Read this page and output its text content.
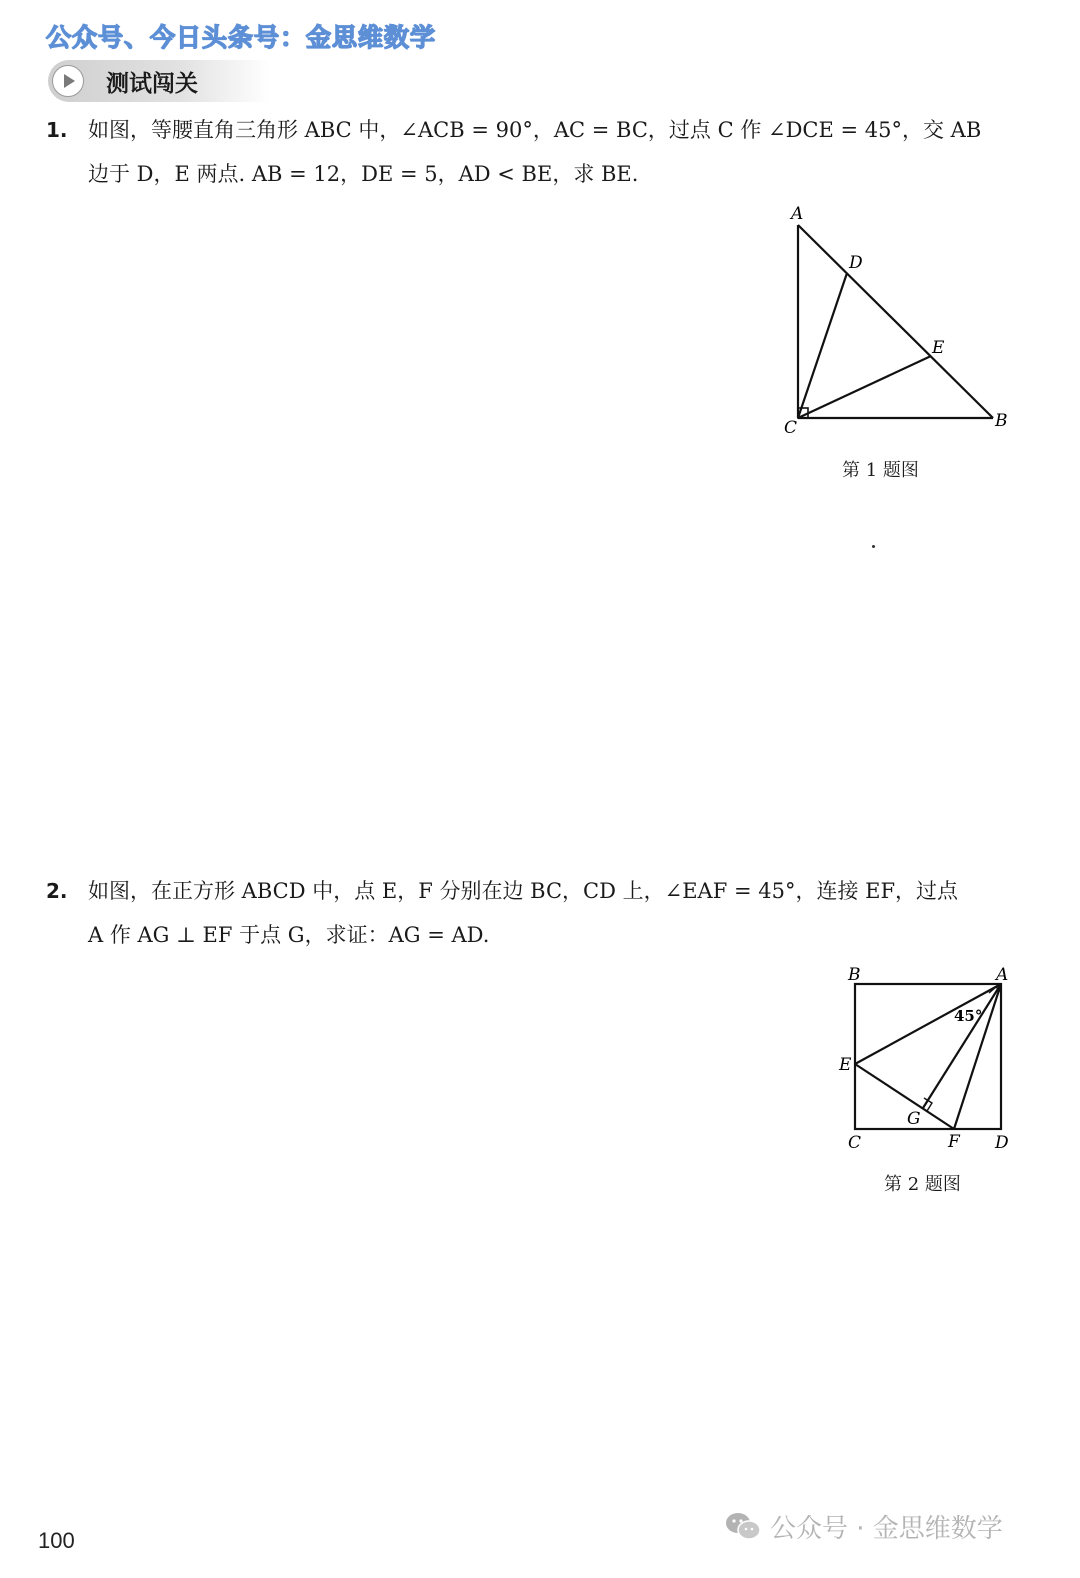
公众号、今日头条号：金思维数学
测试闯关
1. 如图，等腰直角三角形 ABC 中，∠ACB = 90°，AC = BC，过点 C 作 ∠DCE = 45°，交 AB
边于 D，E 两点. AB = 12，DE = 5，AD < BE，求 BE.
A
B
C
D
E
第 1 题图
2. 如图，在正方形 ABCD 中，点 E，F 分别在边 BC，CD 上，∠EAF = 45°，连接 EF，过点
A 作 AG ⊥ EF 于点 G，求证：AG = AD.
A
B
C	D
E
F
G
45°
第 2 题图
100	公众号 · 金思维数学
